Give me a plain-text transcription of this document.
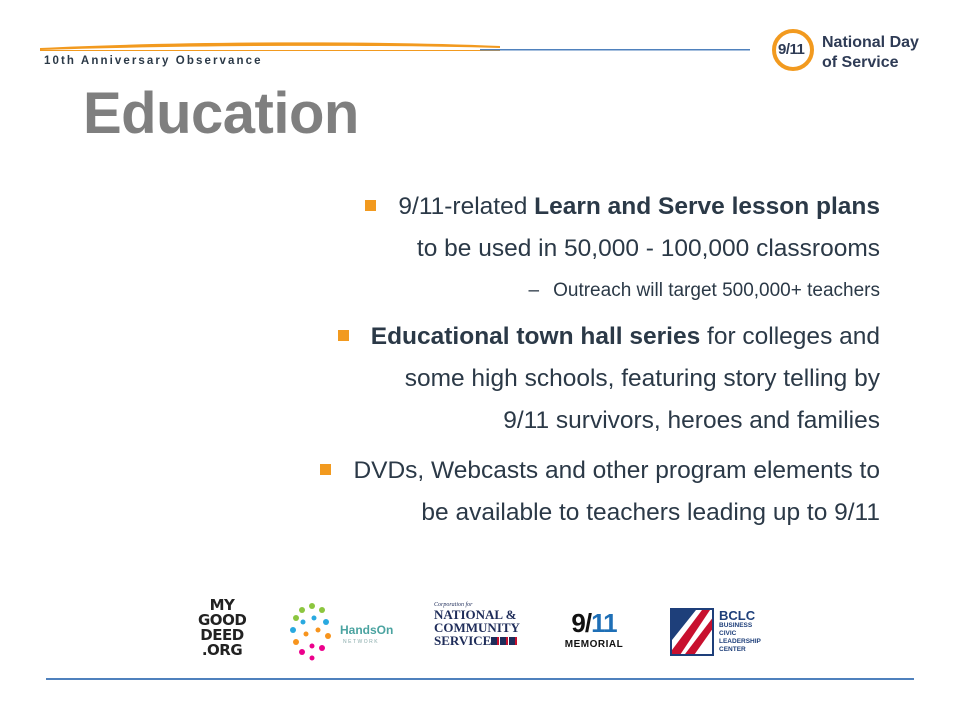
10th Anniversary Observance
9/11 National Day
of Service
Education
9/11-related Learn and Serve lesson plans
to be used in 50,000 - 100,000 classrooms
– Outreach will target 500,000+ teachers
Educational town hall series for colleges and
some high schools, featuring story telling by
9/11 survivors, heroes and families
DVDs, Webcasts and other program elements to
be available to teachers leading up to 9/11
MY
GOOD
DEED
.ORG
HandsOn
NETWORK
Corporation for
NATIONAL &
COMMUNITY
SERVICE
9/11
MEMORIAL
BCLC
BUSINESS
CIVIC
LEADERSHIP
CENTER
